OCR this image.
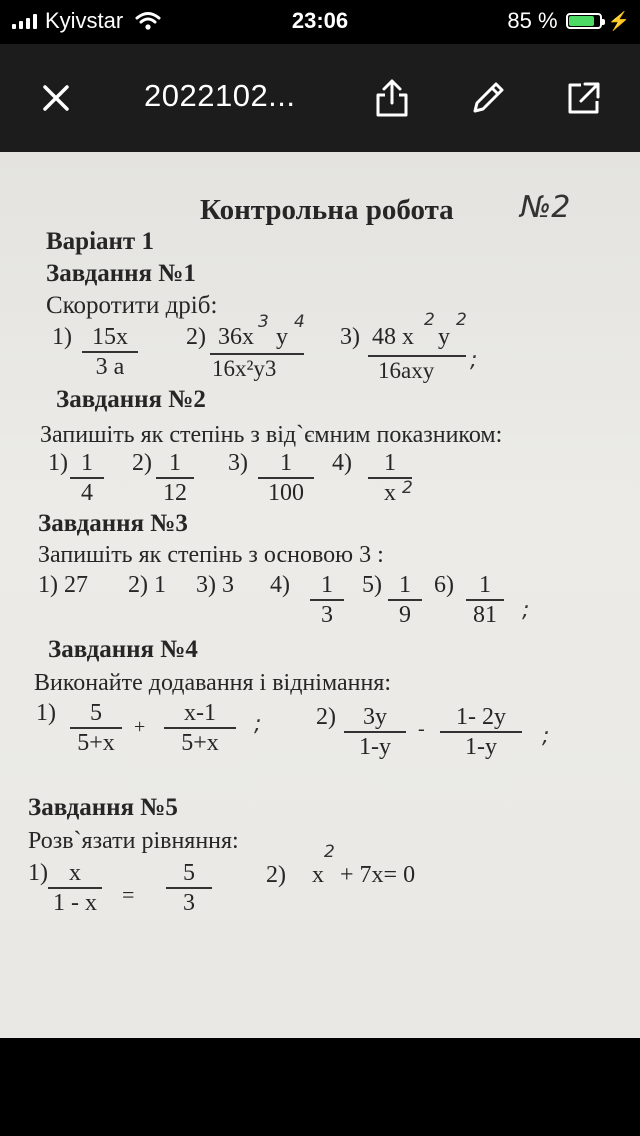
Kyivstar	23:06	85 %	⚡
2022102...
Контрольна робота №2
Варіант 1
Завдання №1
Скоротити дріб:
1) 15x
3 a
2) 36x
3
y
4
16x²y3
3) 48 x
2
y
2
16axy ;
Завдання №2
Запишіть як степінь з від`ємним показником:
1) 1
4
2) 1
12
3) 1
100
4) 1
x 2
Завдання №3
Запишіть як степінь з основою 3 :
1) 27 2) 1 3) 3 4) 1
3
5) 1
9
6) 1
81 ;
Завдання №4
Виконайте додавання і віднімання:
1) 5
5+x
+
x-1
5+x
; 2) 3y
1-y
- 1- 2y
1-y ;
Завдання №5
Розв`язати рівняння:
1) x
1 - x =
5
3
2) x
2
+ 7x= 0
